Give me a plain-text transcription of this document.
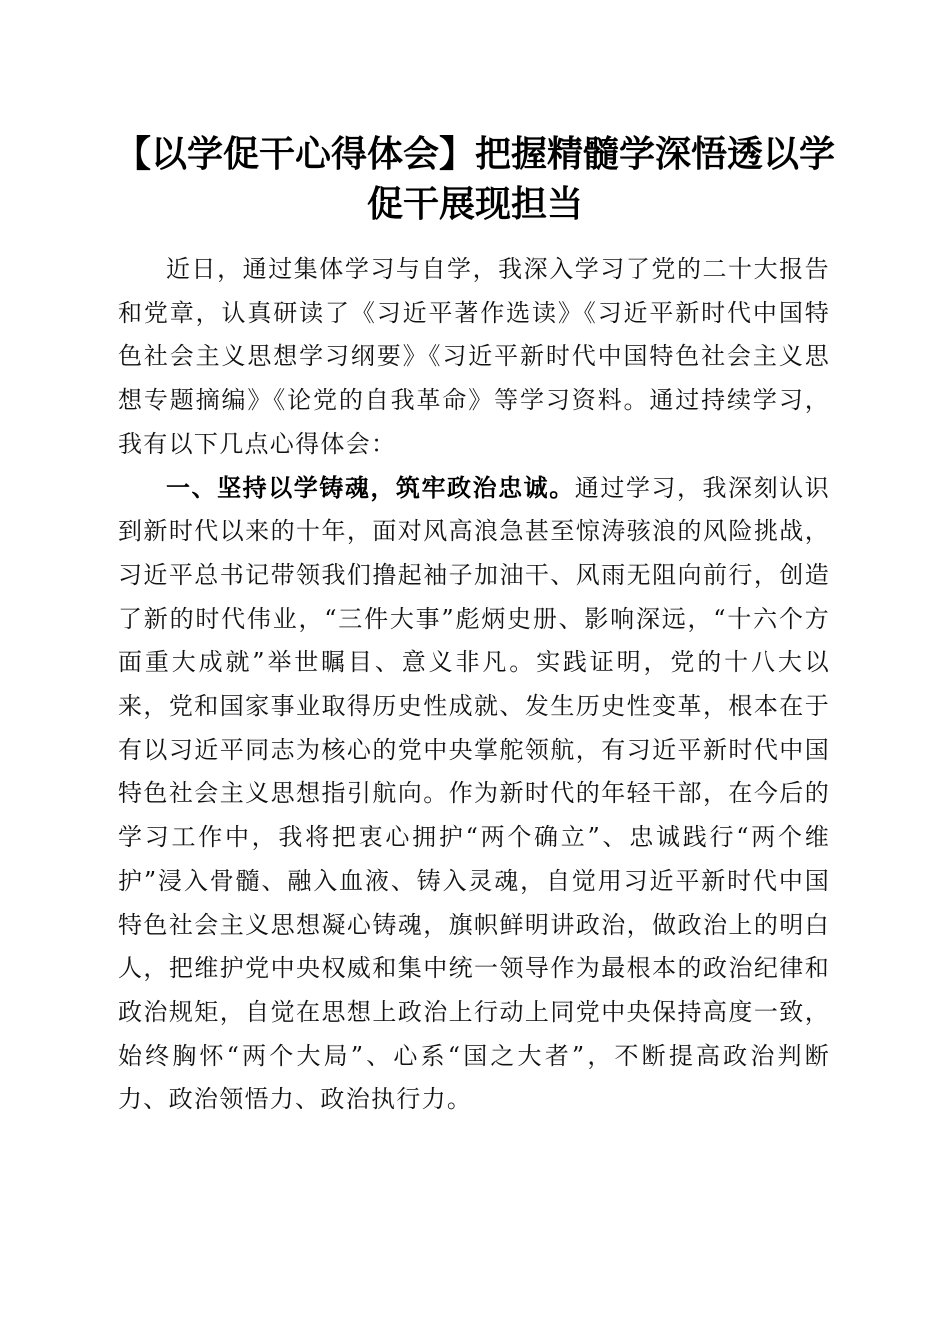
【以学促干心得体会】把握精髓学深悟透以学
促干展现担当

近日，通过集体学习与自学，我深入学习了党的二十大报告和党章，认真研读了《习近平著作选读》《习近平新时代中国特色社会主义思想学习纲要》《习近平新时代中国特色社会主义思想专题摘编》《论党的自我革命》等学习资料。通过持续学习，我有以下几点心得体会：

一、坚持以学铸魂，筑牢政治忠诚。通过学习，我深刻认识到新时代以来的十年，面对风高浪急甚至惊涛骇浪的风险挑战，习近平总书记带领我们撸起袖子加油干、风雨无阻向前行，创造了新的时代伟业，“三件大事”彪炳史册、影响深远，“十六个方面重大成就”举世瞩目、意义非凡。实践证明，党的十八大以来，党和国家事业取得历史性成就、发生历史性变革，根本在于有以习近平同志为核心的党中央掌舵领航，有习近平新时代中国特色社会主义思想指引航向。作为新时代的年轻干部，在今后的学习工作中，我将把衷心拥护“两个确立”、忠诚践行“两个维护”浸入骨髓、融入血液、铸入灵魂，自觉用习近平新时代中国特色社会主义思想凝心铸魂，旗帜鲜明讲政治，做政治上的明白人，把维护党中央权威和集中统一领导作为最根本的政治纪律和政治规矩，自觉在思想上政治上行动上同党中央保持高度一致，始终胸怀“两个大局”、心系“国之大者”，不断提高政治判断力、政治领悟力、政治执行力。
